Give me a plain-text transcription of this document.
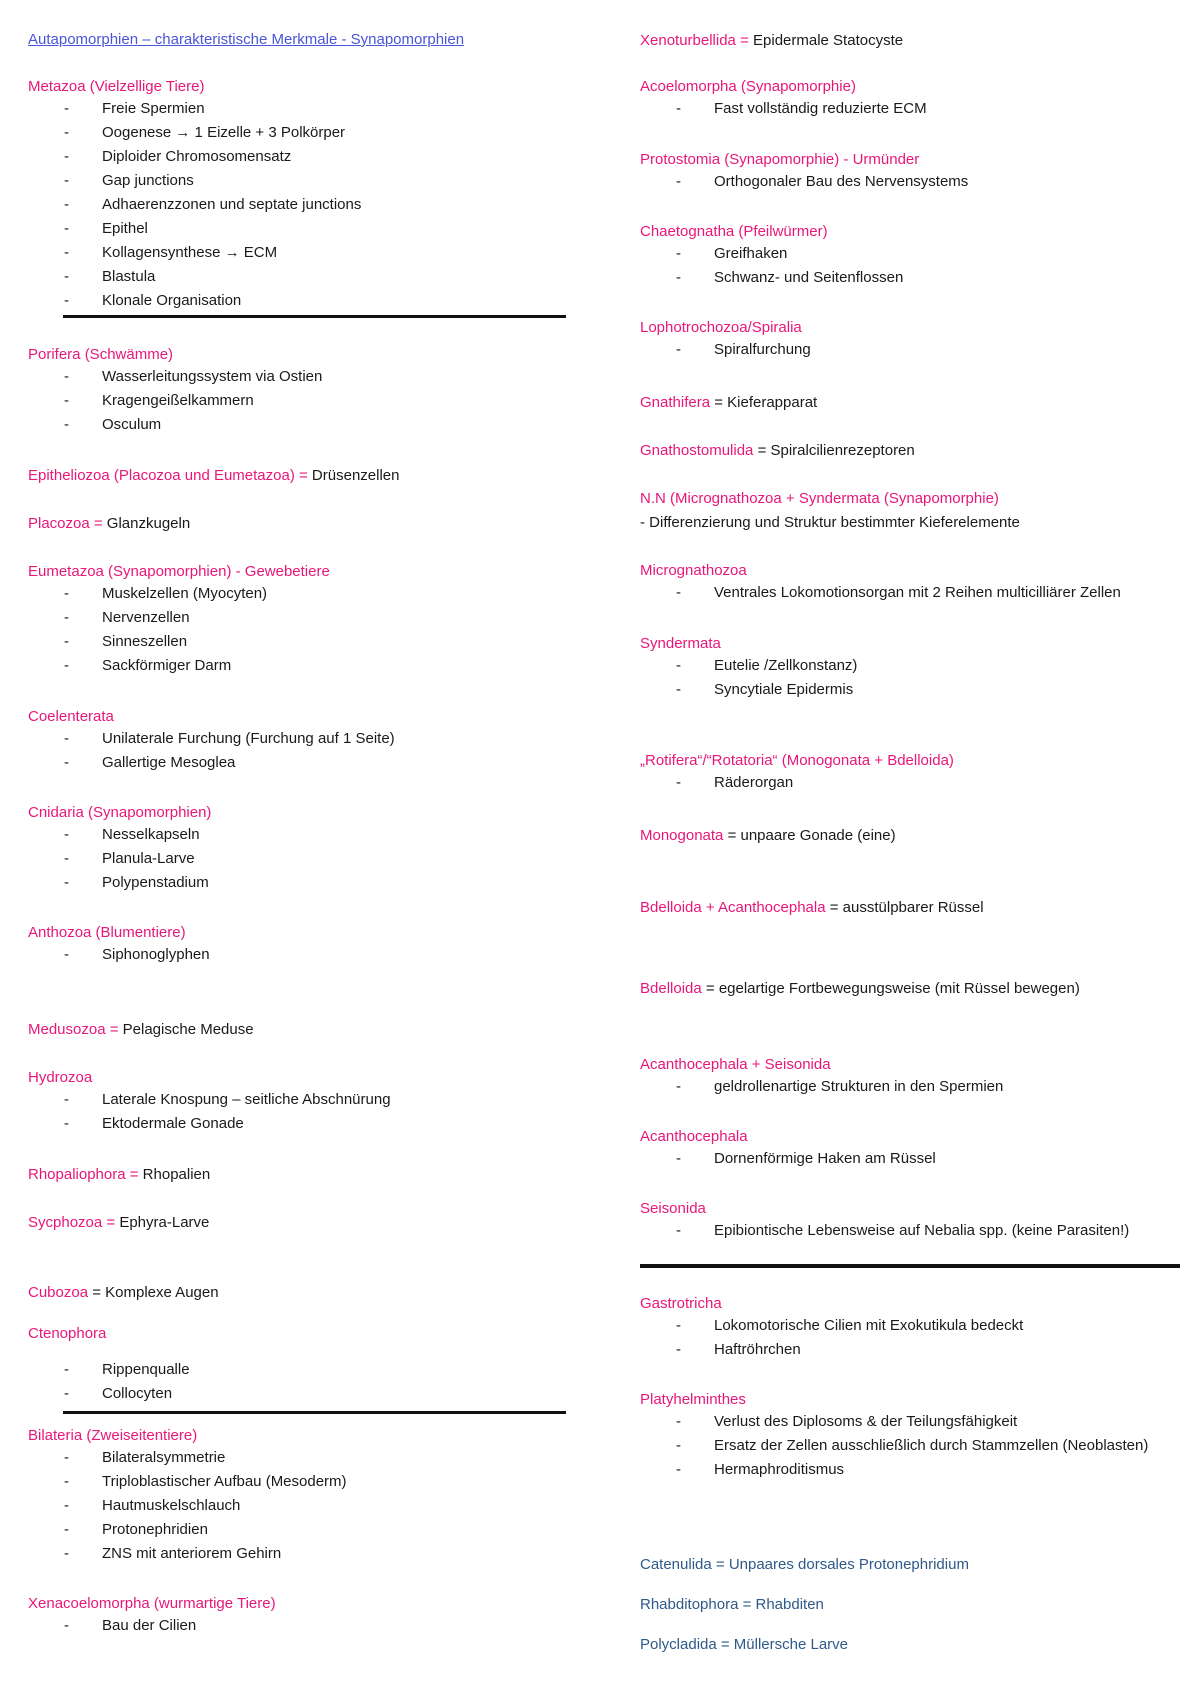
Autapomorphien – charakteristische Merkmale - Synapomorphien
Metazoa (Vielzellige Tiere)
- Freie Spermien
- Oogenese → 1 Eizelle + 3 Polkörper
- Diploider Chromosomensatz
- Gap junctions
- Adhaerenzzonen und septate junctions
- Epithel
- Kollagensynthese → ECM
- Blastula
- Klonale Organisation
Porifera (Schwämme)
- Wasserleitungssystem via Ostien
- Kragengeißelkammern
- Osculum
Epitheliozoa (Placozoa und Eumetazoa) = Drüsenzellen
Placozoa = Glanzkugeln
Eumetazoa (Synapomorphien) - Gewebetiere
- Muskelzellen (Myocyten)
- Nervenzellen
- Sinneszellen
- Sackförmiger Darm
Coelenterata
- Unilaterale Furchung (Furchung auf 1 Seite)
- Gallertige Mesoglea
Cnidaria (Synapomorphien)
- Nesselkapseln
- Planula-Larve
- Polypenstadium
Anthozoa (Blumentiere)
- Siphonoglyphen
Medusozoa = Pelagische Meduse
Hydrozoa
- Laterale Knospung – seitliche Abschnürung
- Ektodermale Gonade
Rhopaliophora = Rhopalien
Sycphozoa = Ephyra-Larve
Cubozoa = Komplexe Augen
Ctenophora
- Rippenqualle
- Collocyten
Bilateria (Zweiseitentiere)
- Bilateralsymmetrie
- Triploblastischer Aufbau (Mesoderm)
- Hautmuskelschlauch
- Protonephridien
- ZNS mit anteriorem Gehirn
Xenacoelomorpha (wurmartige Tiere)
- Bau der Cilien
Xenoturbellida = Epidermale Statocyste
Acoelomorpha (Synapomorphie)
- Fast vollständig reduzierte ECM
Protostomia (Synapomorphie) - Urmünder
- Orthogonaler Bau des Nervensystems
Chaetognatha (Pfeilwürmer)
- Greifhaken
- Schwanz- und Seitenflossen
Lophotrochozoa/Spiralia
- Spiralfurchung
Gnathifera = Kieferapparat
Gnathostomulida = Spiralcilienrezeptoren
N.N (Micrognathozoa + Syndermata (Synapomorphie)
- Differenzierung und Struktur bestimmter Kieferelemente
Micrognathozoa
- Ventrales Lokomotionsorgan mit 2 Reihen multicilliärer Zellen
Syndermata
- Eutelie /Zellkonstanz)
- Syncytiale Epidermis
„Rotifera“/“Rotatoria“ (Monogonata + Bdelloida)
- Räderorgan
Monogonata = unpaare Gonade (eine)
Bdelloida + Acanthocephala = ausstülpbarer Rüssel
Bdelloida = egelartige Fortbewegungsweise (mit Rüssel bewegen)
Acanthocephala + Seisonida
- geldrollenartige Strukturen in den Spermien
Acanthocephala
- Dornenförmige Haken am Rüssel
Seisonida
- Epibiontische Lebensweise auf Nebalia spp. (keine Parasiten!)
Gastrotricha
- Lokomotorische Cilien mit Exokutikula bedeckt
- Haftröhrchen
Platyhelminthes
- Verlust des Diplosoms & der Teilungsfähigkeit
- Ersatz der Zellen ausschließlich durch Stammzellen (Neoblasten)
- Hermaphroditismus
Catenulida = Unpaares dorsales Protonephridium
Rhabditophora = Rhabditen
Polycladida = Müllersche Larve
